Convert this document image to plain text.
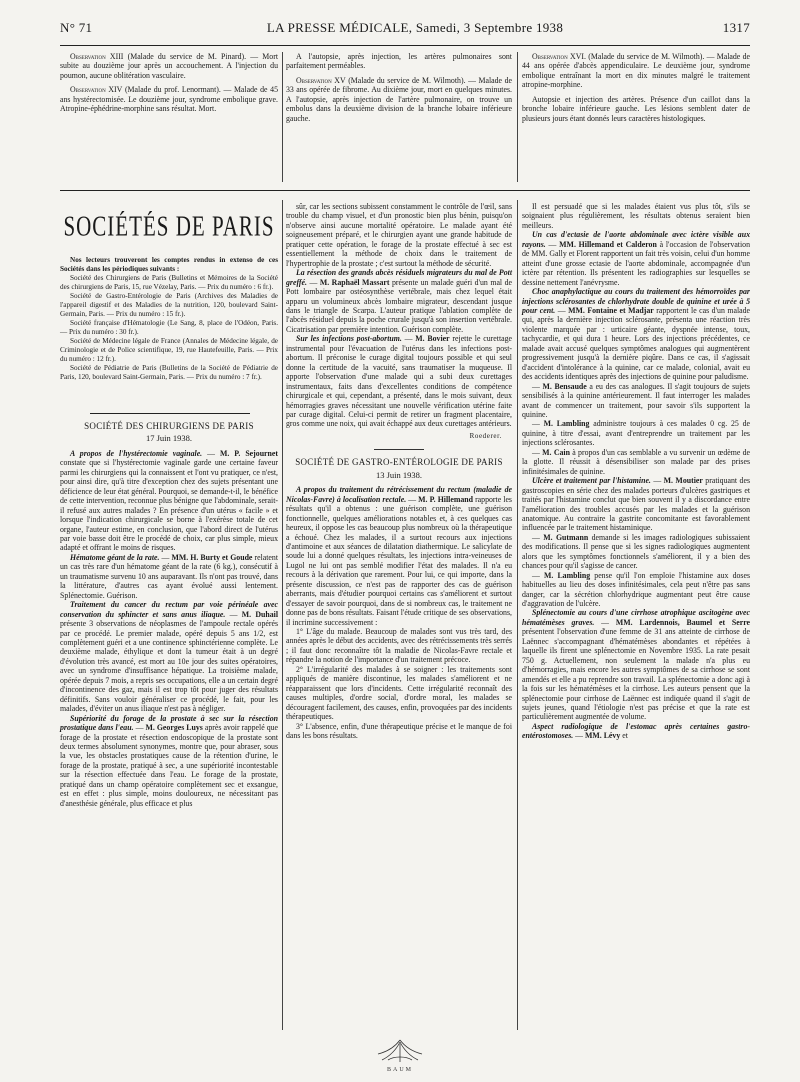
N° 71	LA PRESSE MÉDICALE, Samedi, 3 Septembre 1938	1317

Observation XIII (Malade du service de M. Pinard). — Mort subite au douzième jour après un accouchement. A l'injection du poumon, aucune oblitération vasculaire.

Observation XIV (Malade du prof. Lenormant). — Malade de 45 ans hystérectomisée. Le douzième jour, syndrome embolique grave. Atropine-éphédrine-morphine sans résultat. Mort.

A l'autopsie, après injection, les artères pulmonaires sont parfaitement perméables.

Observation XV (Malade du service de M. Wilmoth). — Malade de 33 ans opérée de fibrome. Au dixième jour, mort en quelques minutes. A l'autopsie, après injection de l'artère pulmonaire, on trouve un embolus dans la deuxième division de la branche lobaire inférieure gauche.

Observation XVI. (Malade du service de M. Wilmoth). — Malade de 44 ans opérée d'abcès appendiculaire. Le deuxième jour, syndrome embolique entraînant la mort en dix minutes malgré le traitement atropine-morphine.

Autopsie et injection des artères. Présence d'un caillot dans la bronche lobaire inférieure gauche. Les lésions semblent dater de plusieurs jours étant donnés leurs caractères histologiques.

SOCIÉTÉS DE PARIS

Nos lecteurs trouveront les comptes rendus in extenso de ces Sociétés dans les périodiques suivants :

Société des Chirurgiens de Paris (Bulletins et Mémoires de la Société des chirurgiens de Paris, 15, rue Vézelay, Paris. — Prix du numéro : 6 fr.).

Société de Gastro-Entérologie de Paris (Archives des Maladies de l'appareil digestif et des Maladies de la nutrition, 120, boulevard Saint-Germain, Paris. — Prix du numéro : 15 fr.).

Société française d'Hématologie (Le Sang, 8, place de l'Odéon, Paris. — Prix du numéro : 30 fr.).

Société de Médecine légale de France (Annales de Médecine légale, de Criminologie et de Police scientifique, 19, rue Hautefeuille, Paris. — Prix du numéro : 12 fr.).

Société de Pédiatrie de Paris (Bulletins de la Société de Pédiatrie de Paris, 120, boulevard Saint-Germain, Paris. — Prix du numéro : 7 fr.).

SOCIÉTÉ DES CHIRURGIENS DE PARIS
17 Juin 1938.

A propos de l'hystérectomie vaginale. — M. P. Sejournet constate que si l'hystérectomie vaginale garde une certaine faveur parmi les chirurgiens qui la connaissent et l'ont vu pratiquer, ce n'est, pour ainsi dire, qu'à titre d'exception chez des sujets présentant une déficience de leur état général. Pourquoi, se demande-t-il, le bénéfice de cette intervention, reconnue plus bénigne que l'abdominale, serait-il refusé aux autres malades ? En présence d'un utérus « facile » et lorsque l'indication chirurgicale se borne à l'exérèse totale de cet organe, l'auteur estime, en conclusion, que l'abord direct de l'utérus par voie basse doit être le procédé de choix, car plus simple, mieux adapté et offrant le moins de risques.

Hématome géant de la rate. — MM. H. Burty et Goude relatent un cas très rare d'un hématome géant de la rate (6 kg.), consécutif à un traumatisme survenu 10 ans auparavant. Ils n'ont pas trouvé, dans la littérature, d'autres cas ayant évolué aussi lentement. Splénectomie. Guérison.

Traitement du cancer du rectum par voie périnéale avec conservation du sphincter et sans anus iliaque. — M. Duhail présente 3 observations de néoplasmes de l'ampoule rectale opérés par ce procédé. Le premier malade, opéré depuis 5 ans 1/2, est complètement guéri et a une continence sphinctérienne complète. Le deuxième malade, éthylique et dont la tumeur était à un degré d'évolution très avancé, est mort au 10e jour des suites opératoires, avec un syndrome d'insuffisance hépatique. La troisième malade, opérée depuis 7 mois, a repris ses occupations, elle a un certain degré d'incontinence des gaz, mais il est trop tôt pour juger des résultats définitifs. Sans vouloir généraliser ce procédé, le fait, pour les malades, d'éviter un anus iliaque n'est pas à négliger.

Supériorité du forage de la prostate à sec sur la résection prostatique dans l'eau. — M. Georges Luys après avoir rappelé que forage de la prostate et résection endoscopique de la prostate sont deux termes absolument synonymes, montre que, pour abraser, sous la vue, les obstacles prostatiques cause de la rétention d'urine, le forage de la prostate, pratiqué à sec, a une supériorité incontestable sur la résection effectuée dans l'eau. Le forage de la prostate, pratiqué dans un champ opératoire complètement sec et exsangue, est en effet : plus simple, moins douloureux, ne nécessitant pas d'anesthésie générale, plus efficace et plus

sûr, car les sections subissent constamment le contrôle de l'œil, sans trouble du champ visuel, et d'un pronostic bien plus bénin, puisqu'on n'observe ainsi aucune mortalité opératoire. Le malade ayant été soigneusement préparé, et le chirurgien ayant une grande habitude de pratiquer cette opération, le forage de la prostate effectué à sec est essentiellement la méthode de choix dans le traitement de l'hypertrophie de la prostate ; c'est surtout la méthode de sécurité.

La résection des grands abcès résiduels migrateurs du mal de Pott greffé. — M. Raphaël Massart présente un malade guéri d'un mal de Pott lombaire par ostéosynthèse vertébrale, mais chez lequel était apparu un volumineux abcès lombaire migrateur, descendant jusque dans le triangle de Scarpa. L'auteur pratique l'ablation complète de l'abcès résiduel depuis la poche crurale jusqu'à son insertion vertébrale. Cicatrisation par première intention. Guérison complète.

Sur les infections post-abortum. — M. Bovier rejette le curettage instrumental pour l'évacuation de l'utérus dans les infections post-abortum. Il préconise le curage digital toujours possible et qui seul donne la certitude de la vacuité, sans traumatiser la muqueuse. Il apporte l'observation d'une malade qui a subi deux curettages instrumentaux, faits dans d'excellentes conditions de compétence chirurgicale et qui, cependant, a présenté, dans le mois suivant, deux hémorragies graves nécessitant une nouvelle vérification utérine faite par curage digital. Celui-ci permit de retirer un fragment placentaire, gros comme une noix, qui avait échappé aux deux curettages antérieurs.

Roederer.
SOCIÉTÉ DE GASTRO-ENTÉROLOGIE DE PARIS
13 Juin 1938.

A propos du traitement du rétrécissement du rectum (maladie de Nicolas-Favre) à localisation rectale. — M. P. Hillemand rapporte les résultats qu'il a obtenus : une guérison complète, une guérison fonctionnelle, quelques améliorations notables et, à ces quelques cas heureux, il oppose les cas beaucoup plus nombreux où la thérapeutique a échoué. Chez les malades, il a surtout recours aux injections d'antimoine et aux séances de dilatation diathermique. Le salicylate de soude lui a donné quelques résultats, les injections intra-veineuses de Lugol ne lui ont pas semblé modifier l'état des malades. Il n'a eu recours à la dérivation que rarement. Pour lui, ce qui importe, dans la présente discussion, ce n'est pas de rapporter des cas de guérison aberrants, mais d'étudier pourquoi certains cas s'améliorent et surtout d'essayer de savoir pourquoi, dans de si nombreux cas, le traitement ne donne pas de bons résultats. Faisant l'étude critique de ses observations, il incrimine successivement :

1° L'âge du malade. Beaucoup de malades sont vus très tard, des années après le début des accidents, avec des rétrécissements très serrés ; il faut donc reconnaître tôt la maladie de Nicolas-Favre rectale et répandre la notion de l'importance d'un traitement précoce.

2° L'irrégularité des malades à se soigner : les traitements sont appliqués de manière discontinue, les malades s'améliorent et ne réapparaissent que lors d'incidents. Cette irrégularité reconnaît des causes multiples, d'ordre social, d'ordre moral, les malades se découragent facilement, des causes, enfin, provoquées par des incidents thérapeutiques.

3° L'absence, enfin, d'une thérapeutique précise et le manque de foi dans les bons résultats.

Il est persuadé que si les malades étaient vus plus tôt, s'ils se soignaient plus régulièrement, les résultats obtenus seraient bien meilleurs.

Un cas d'ectasie de l'aorte abdominale avec ictère visible aux rayons. — MM. Hillemand et Calderon à l'occasion de l'observation de MM. Gally et Florent rapportent un fait très voisin, celui d'un homme atteint d'une grosse ectasie de l'aorte abdominale, accompagnée d'un ictère par rétention. Ils présentent les radiographies sur lesquelles se dessine nettement l'anévrysme.

Choc anaphylactique au cours du traitement des hémorroïdes par injections sclérosantes de chlorhydrate double de quinine et urée à 5 pour cent. — MM. Fontaine et Madjar rapportent le cas d'un malade qui, après la dernière injection sclérosante, présenta une réaction très violente marquée par : urticaire géante, dyspnée intense, toux, tachycardie, et qui dura 1 heure. Lors des injections précédentes, ce malade avait accusé quelques symptômes analogues qui augmentèrent progressivement jusqu'à la dernière piqûre. Dans ce cas, il s'agissait d'accident d'intolérance à la quinine, car ce malade, colonial, avait eu des accidents identiques après des injections de quinine pour paludisme.

— M. Bensaude a eu des cas analogues. Il s'agit toujours de sujets sensibilisés à la quinine antérieurement. Il faut interroger les malades avant de commencer un traitement, pour savoir s'ils supportent la quinine.

— M. Lambling administre toujours à ces malades 0 cg. 25 de quinine, à titre d'essai, avant d'entreprendre un traitement par les injections sclérosantes.

— M. Cain à propos d'un cas semblable a vu survenir un œdème de la glotte. Il réussit à désensibiliser son malade par des prises infinitésimales de quinine.

Ulcère et traitement par l'histamine. — M. Moutier pratiquant des gastroscopies en série chez des malades porteurs d'ulcères gastriques et traités par l'histamine conclut que bien souvent il y a discordance entre l'amélioration des troubles accusés par les malades et la guérison anatomique. Au contraire la gastrite concomitante est favorablement influencée par le traitement histaminique.

— M. Gutmann demande si les images radiologiques subissaient des modifications. Il pense que si les signes radiologiques augmentent alors que les symptômes fonctionnels s'améliorent, il y a bien des chances pour qu'il s'agisse de cancer.

— M. Lambling pense qu'il l'on emploie l'histamine aux doses habituelles au lieu des doses infinitésimales, cela peut n'être pas sans danger, car la sécrétion chlorhydrique augmentant peut être cause d'aggravation de l'ulcère.

Splénectomie au cours d'une cirrhose atrophique ascitogène avec hématémèses graves. — MM. Lardennois, Baumel et Serre présentent l'observation d'une femme de 31 ans atteinte de cirrhose de Laënnec s'accompagnant d'hématémèses abondantes et répétées à laquelle ils firent une splénectomie en Novembre 1935. La rate pesait 750 g. Actuellement, non seulement la malade n'a plus eu d'hémorragies, mais encore les autres symptômes de sa cirrhose se sont amendés et elle a pu reprendre son travail. La splénectomie a donc agi à la fois sur les hématémèses et la cirrhose. Les auteurs pensent que la splénectomie pour cirrhose de Laënnec est indiquée quand il s'agit de sujets jeunes, quand l'étiologie n'est pas précise et que la rate est particulièrement augmentée de volume.

Aspect radiologique de l'estomac après certaines gastro-entérostomoses. — MM. Lévy et

BAUM
